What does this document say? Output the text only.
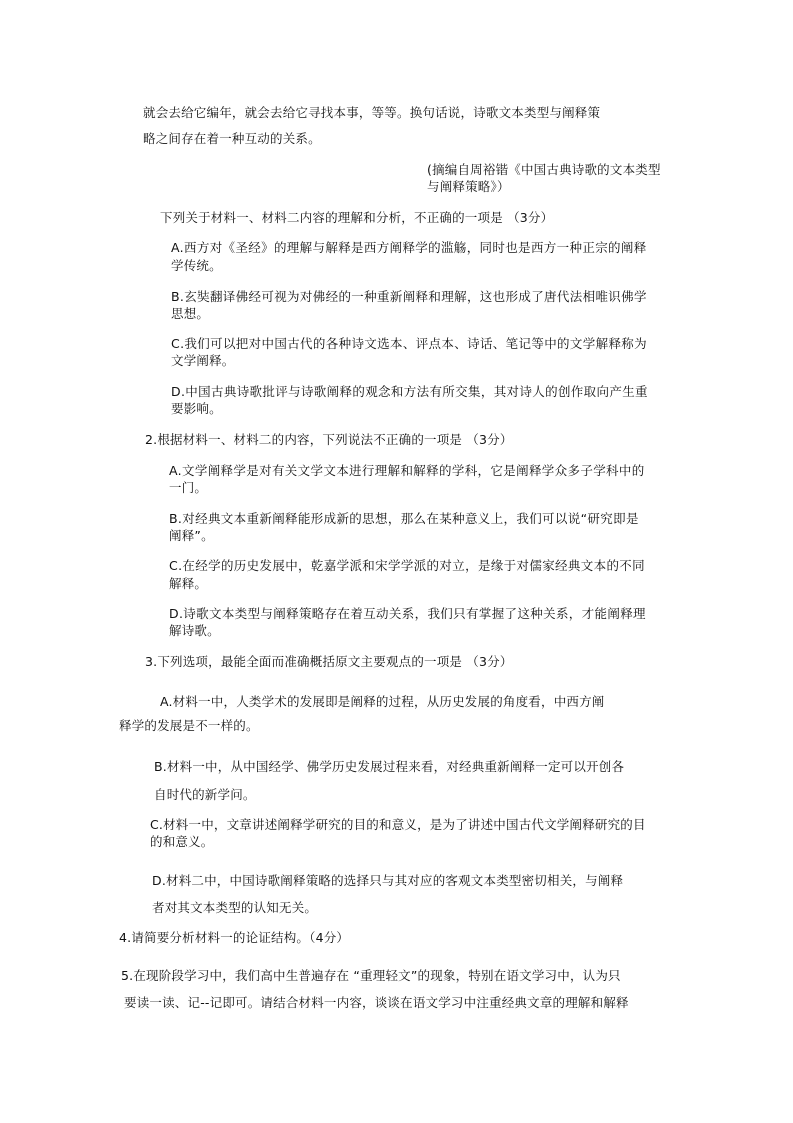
就会去给它编年，就会去给它寻找本事，等等。换句话说，诗歌文本类型与阐释策
略之间存在着一种互动的关系。
(摘编自周裕锴《中国古典诗歌的文本类型
与阐释策略》）
下列关于材料一、材料二内容的理解和分析，不正确的一项是 （3分）
A.西方对《圣经》的理解与解释是西方阐释学的滥觞，同时也是西方一种正宗的阐释
学传统。
B.玄奘翻译佛经可视为对佛经的一种重新阐释和理解，这也形成了唐代法相唯识佛学
思想。
C.我们可以把对中国古代的各种诗文选本、评点本、诗话、笔记等中的文学解释称为
文学阐释。
D.中国古典诗歌批评与诗歌阐释的观念和方法有所交集，其对诗人的创作取向产生重
要影响。
2.根据材料一、材料二的内容，下列说法不正确的一项是 （3分）
A.文学阐释学是对有关文学文本进行理解和解释的学科，它是阐释学众多子学科中的
一门。
B.对经典文本重新阐释能形成新的思想，那么在某种意义上，我们可以说“研究即是
阐释”。
C.在经学的历史发展中，乾嘉学派和宋学学派的对立，是缘于对儒家经典文本的不同
解释。
D.诗歌文本类型与阐释策略存在着互动关系，我们只有掌握了这种关系，才能阐释理
解诗歌。
3.下列选项，最能全面而准确概括原文主要观点的一项是 （3分）
A.材料一中，人类学术的发展即是阐释的过程，从历史发展的角度看，中西方阐
释学的发展是不一样的。
B.材料一中，从中国经学、佛学历史发展过程来看，对经典重新阐释一定可以开创各
自时代的新学问。
C.材料一中，文章讲述阐释学研究的目的和意义，是为了讲述中国古代文学阐释研究的目
的和意义。
D.材料二中，中国诗歌阐释策略的选择只与其对应的客观文本类型密切相关，与阐释
者对其文本类型的认知无关。
4.请简要分析材料一的论证结构。（4分）
5.在现阶段学习中，我们高中生普遍存在 “重理轻文”的现象，特别在语文学习中，认为只
要读一读、记--记即可。请结合材料一内容，谈谈在语文学习中注重经典文章的理解和解释
